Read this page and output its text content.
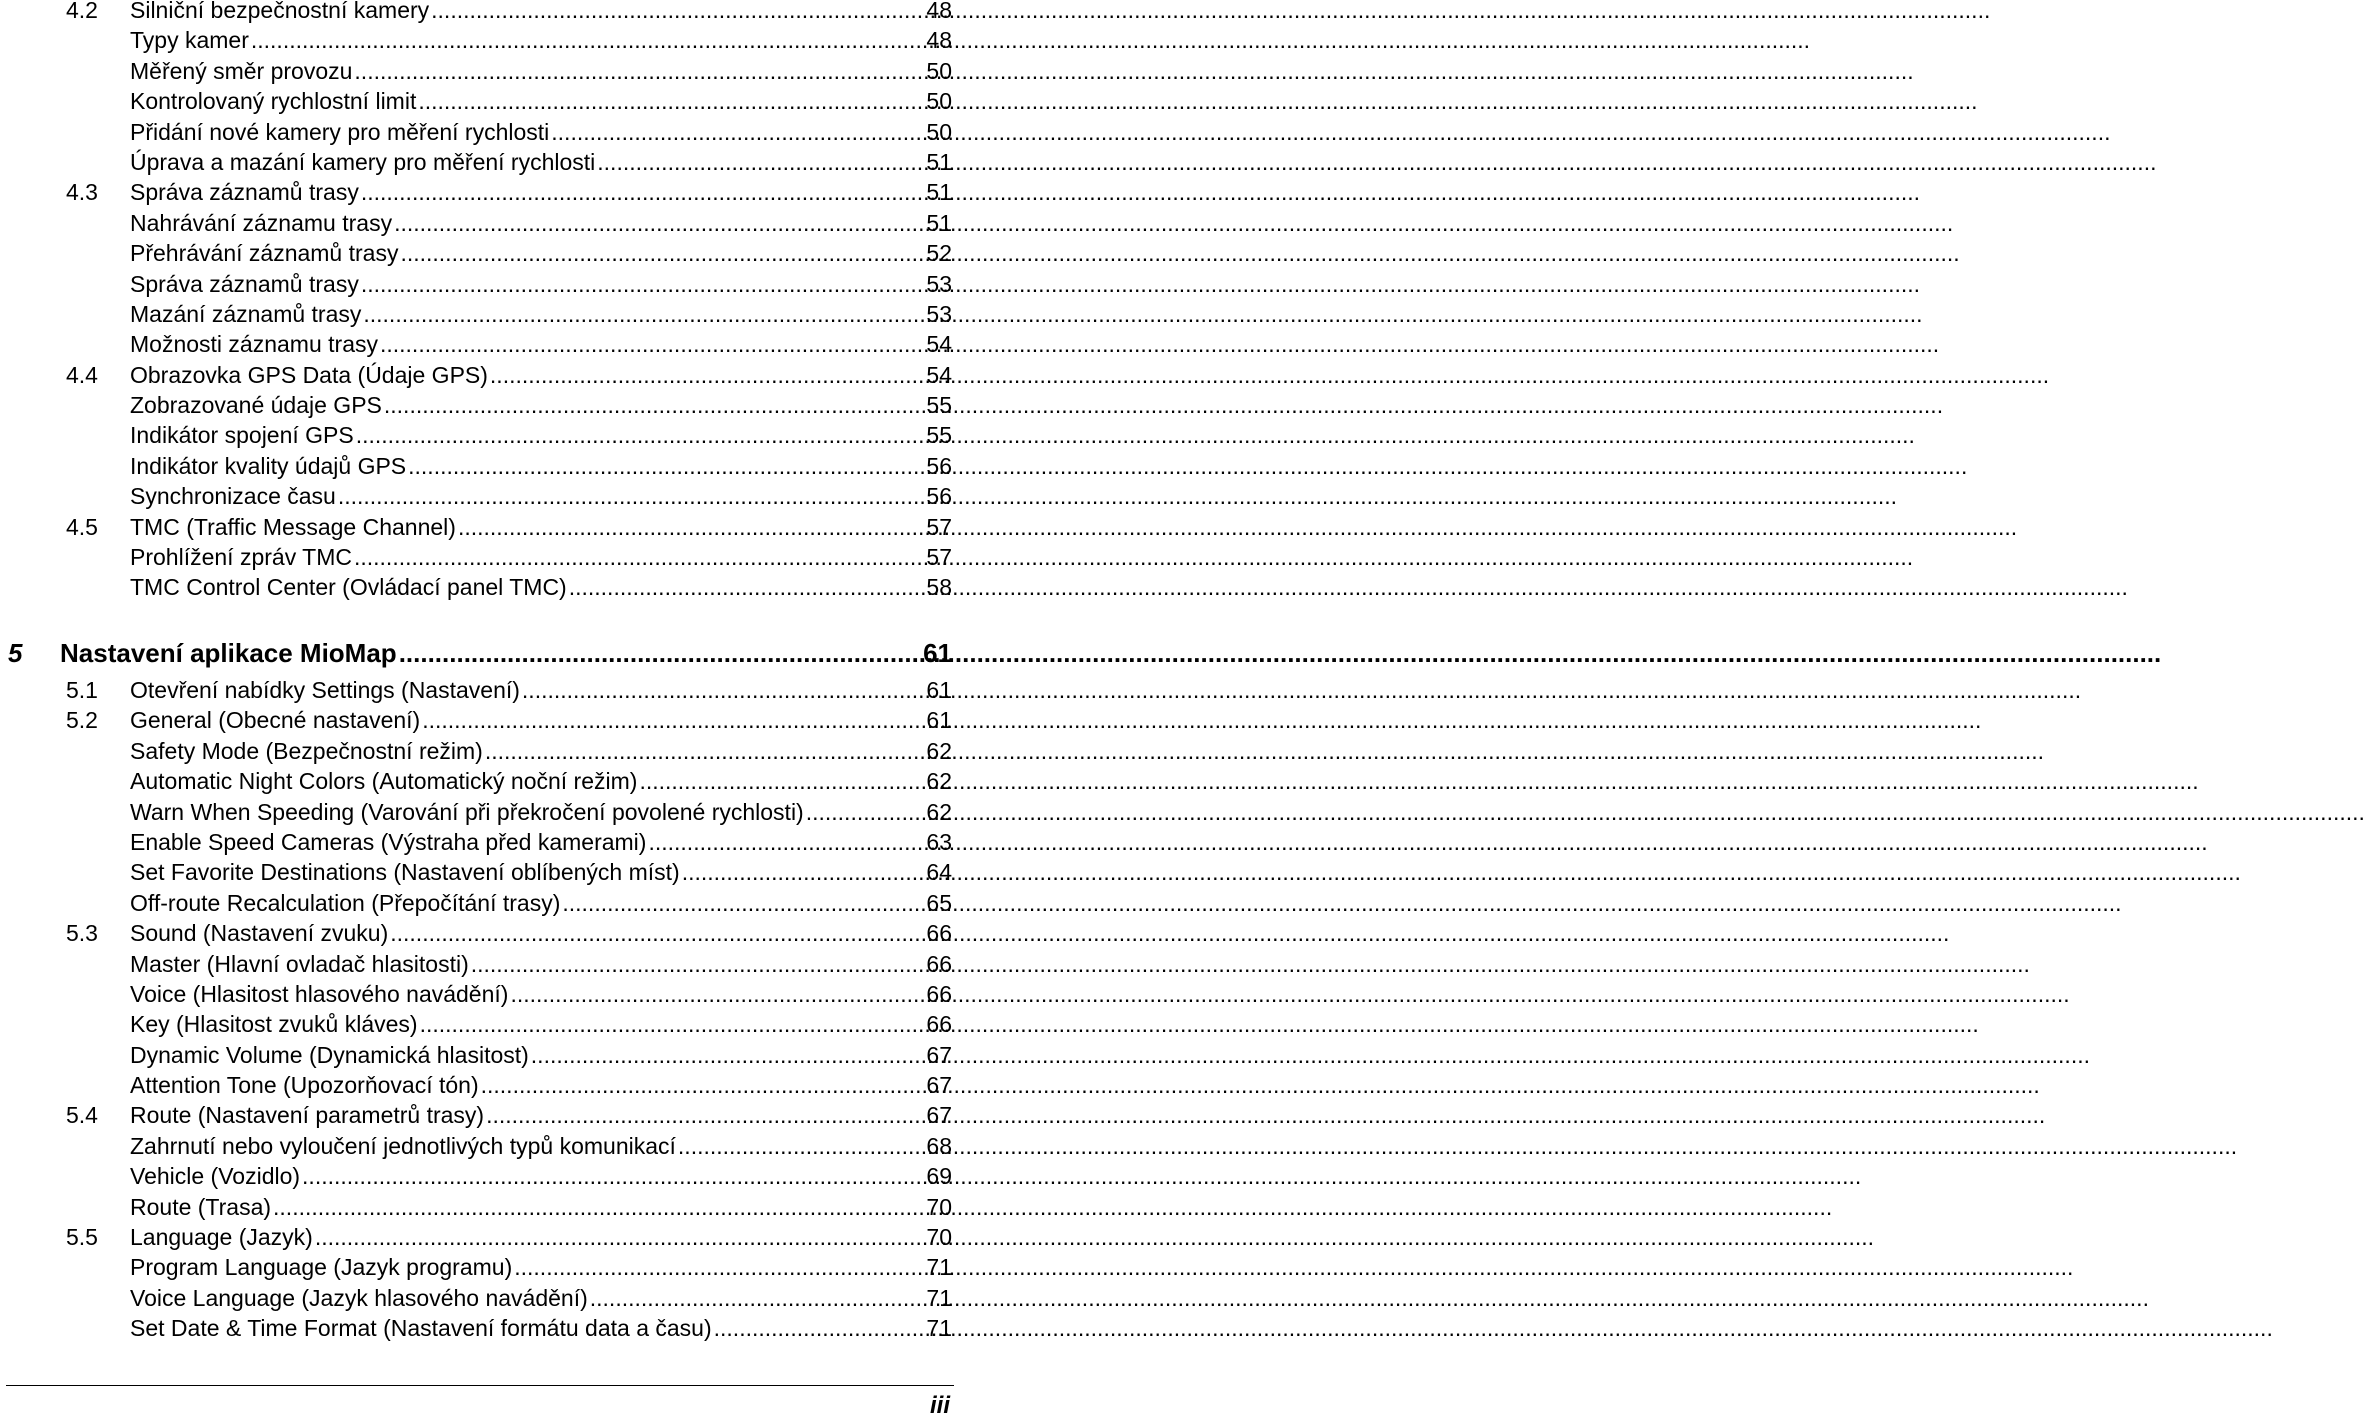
4.2 Silniční bezpečnostní kamery .....	48
Typy kamer .....	48
Měřený směr provozu .....	50
Kontrolovaný rychlostní limit .....	50
Přidání nové kamery pro měření rychlosti .....	50
Úprava a mazání kamery pro měření rychlosti .....	51
4.3 Správa záznamů trasy .....	51
Nahrávání záznamu trasy .....	51
Přehrávání záznamů trasy .....	52
Správa záznamů trasy .....	53
Mazání záznamů trasy .....	53
Možnosti záznamu trasy .....	54
4.4 Obrazovka GPS Data (Údaje GPS) .....	54
Zobrazované údaje GPS .....	55
Indikátor spojení GPS .....	55
Indikátor kvality údajů GPS .....	56
Synchronizace času .....	56
4.5 TMC (Traffic Message Channel) .....	57
Prohlížení zpráv TMC .....	57
TMC Control Center (Ovládací panel TMC) .....	58
5 Nastavení aplikace MioMap .....	61
5.1 Otevření nabídky Settings (Nastavení) .....	61
5.2 General (Obecné nastavení) .....	61
Safety Mode (Bezpečnostní režim) .....	62
Automatic Night Colors (Automatický noční režim) .....	62
Warn When Speeding (Varování při překročení povolené rychlosti) .....	62
Enable Speed Cameras (Výstraha před kamerami) .....	63
Set Favorite Destinations (Nastavení oblíbených míst) .....	64
Off-route Recalculation (Přepočítání trasy) .....	65
5.3 Sound (Nastavení zvuku) .....	66
Master (Hlavní ovladač hlasitosti) .....	66
Voice (Hlasitost hlasového navádění) .....	66
Key (Hlasitost zvuků kláves) .....	66
Dynamic Volume (Dynamická hlasitost) .....	67
Attention Tone (Upozorňovací tón) .....	67
5.4 Route (Nastavení parametrů trasy) .....	67
Zahrnutí nebo vyloučení jednotlivých typů komunikací .....	68
Vehicle (Vozidlo) .....	69
Route (Trasa) .....	70
5.5 Language (Jazyk) .....	70
Program Language (Jazyk programu) .....	71
Voice Language (Jazyk hlasového navádění) .....	71
Set Date & Time Format (Nastavení formátu data a času) .....	71
iii
